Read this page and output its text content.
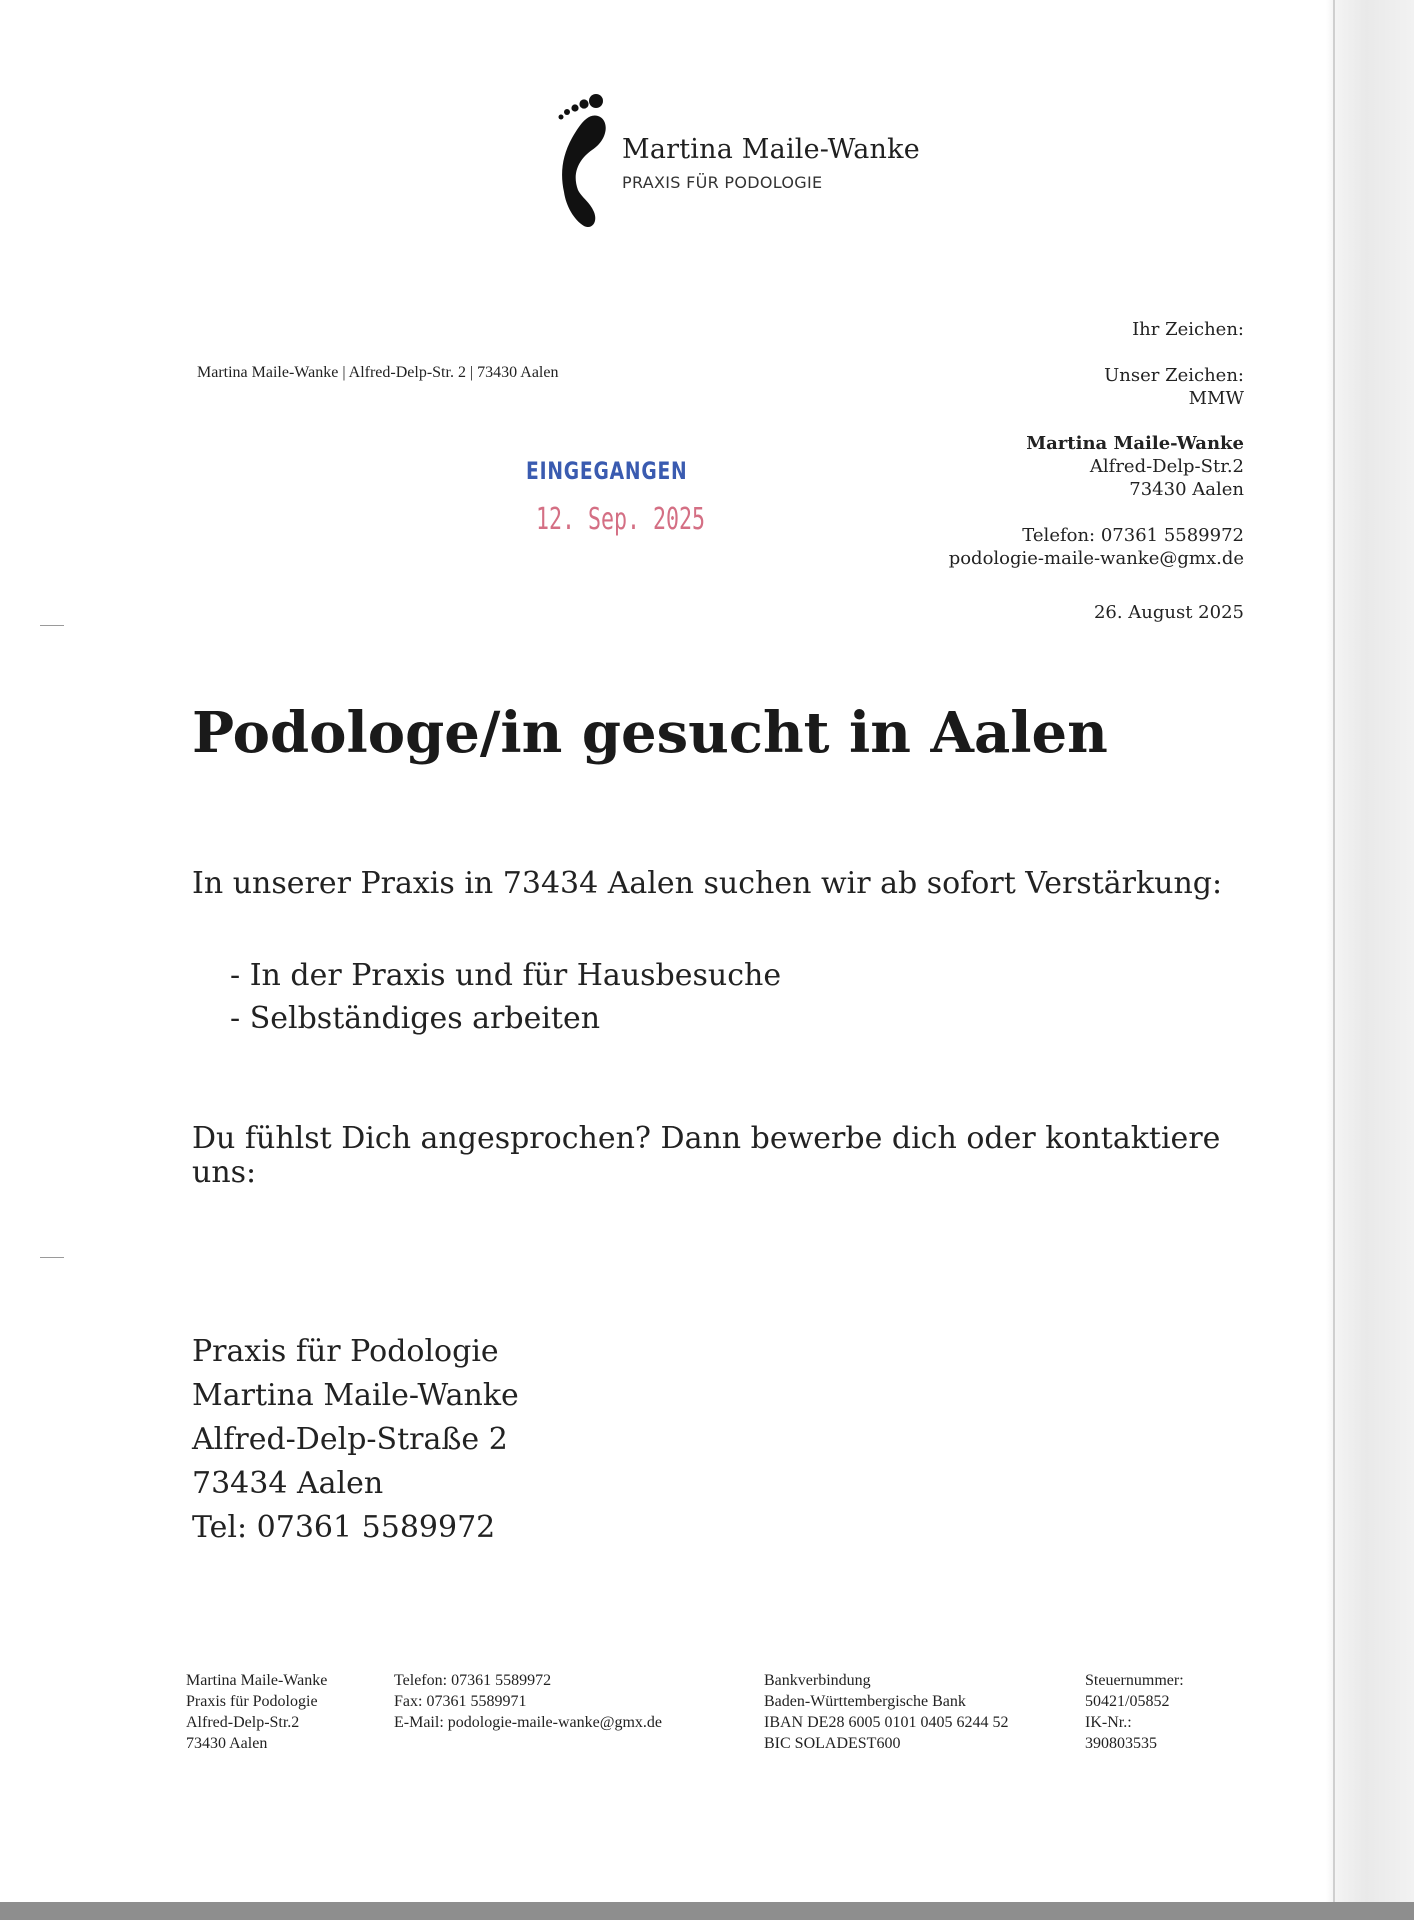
Martina Maile-Wanke
PRAXIS FÜR PODOLOGIE
Martina Maile-Wanke | Alfred-Delp-Str. 2 | 73430 Aalen
Ihr Zeichen:
Unser Zeichen:
MMW
Martina Maile-Wanke
Alfred-Delp-Str.2
73430 Aalen
Telefon: 07361 5589972
podologie-maile-wanke@gmx.de
26. August 2025
EINGEGANGEN
12. Sep. 2025
Podologe/in gesucht in Aalen
In unserer Praxis in 73434 Aalen suchen wir ab sofort Verstärkung:
- In der Praxis und für Hausbesuche
- Selbständiges arbeiten
Du fühlst Dich angesprochen? Dann bewerbe dich oder kontaktiere uns:
Praxis für Podologie
Martina Maile-Wanke
Alfred-Delp-Straße 2
73434 Aalen
Tel: 07361 5589972
Martina Maile-Wanke
Praxis für Podologie
Alfred-Delp-Str.2
73430 Aalen
Telefon: 07361 5589972
Fax: 07361 5589971
E-Mail: podologie-maile-wanke@gmx.de
Bankverbindung
Baden-Württembergische Bank
IBAN DE28 6005 0101 0405 6244 52
BIC SOLADEST600
Steuernummer:
50421/05852
IK-Nr.:
390803535
